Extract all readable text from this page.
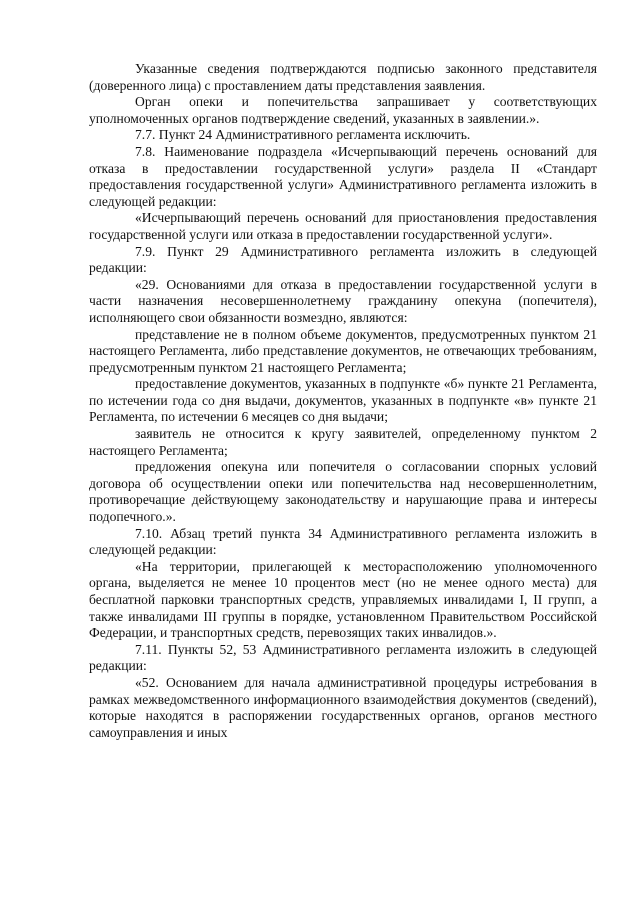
Указанные сведения подтверждаются подписью законного представителя (доверенного лица) с проставлением даты представления заявления.

Орган опеки и попечительства запрашивает у соответствующих уполномоченных органов подтверждение сведений, указанных в заявлении.».

7.7. Пункт 24 Административного регламента исключить.

7.8. Наименование подраздела «Исчерпывающий перечень оснований для отказа в предоставлении государственной услуги» раздела II «Стандарт предоставления государственной услуги» Административного регламента изложить в следующей редакции:

«Исчерпывающий перечень оснований для приостановления предоставления государственной услуги или отказа в предоставлении государственной услуги».

7.9. Пункт 29 Административного регламента изложить в следующей редакции:

«29. Основаниями для отказа в предоставлении государственной услуги в части назначения несовершеннолетнему гражданину опекуна (попечителя), исполняющего свои обязанности возмездно, являются:

представление не в полном объеме документов, предусмотренных пунктом 21 настоящего Регламента, либо представление документов, не отвечающих требованиям, предусмотренным пунктом 21 настоящего Регламента;

предоставление документов, указанных в подпункте «б» пункте 21 Регламента, по истечении года со дня выдачи, документов, указанных в подпункте «в» пункте 21 Регламента, по истечении 6 месяцев со дня выдачи;

заявитель не относится к кругу заявителей, определенному пунктом 2 настоящего Регламента;

предложения опекуна или попечителя о согласовании спорных условий договора об осуществлении опеки или попечительства над несовершеннолетним, противоречащие действующему законодательству и нарушающие права и интересы подопечного.».

7.10. Абзац третий пункта 34 Административного регламента изложить в следующей редакции:

«На территории, прилегающей к месторасположению уполномоченного органа, выделяется не менее 10 процентов мест (но не менее одного места) для бесплатной парковки транспортных средств, управляемых инвалидами I, II групп, а также инвалидами III группы в порядке, установленном Правительством Российской Федерации, и транспортных средств, перевозящих таких инвалидов.».

7.11. Пункты 52, 53 Административного регламента изложить в следующей редакции:

«52. Основанием для начала административной процедуры истребования в рамках межведомственного информационного взаимодействия документов (сведений), которые находятся в распоряжении государственных органов, органов местного самоуправления и иных
